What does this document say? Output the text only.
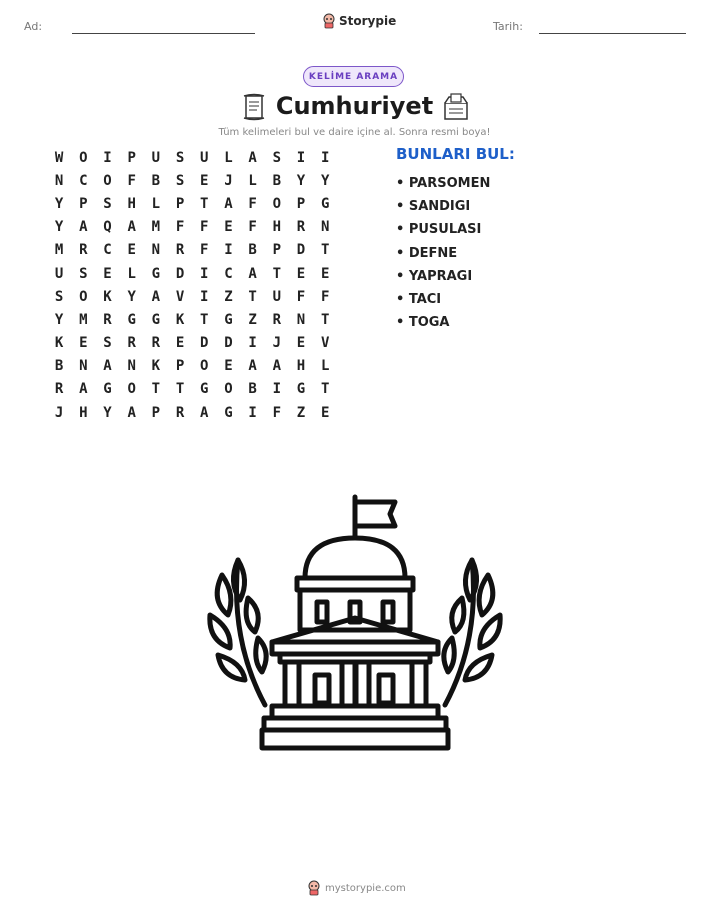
Ad:	Storypie	Tarih:
KELİME ARAMA
Cumhuriyet
Tüm kelimeleri bul ve daire içine al. Sonra resmi boya!
W	O	I	P	U	S	U	L	A	S	I	I
N	C	O	F	B	S	E	J	L	B	Y	Y
Y	P	S	H	L	P	T	A	F	O	P	G
Y	A	Q	A	M	F	F	E	F	H	R	N
M	R	C	E	N	R	F	I	B	P	D	T
U	S	E	L	G	D	I	C	A	T	E	E
S	O	K	Y	A	V	I	Z	T	U	F	F
Y	M	R	G	G	K	T	G	Z	R	N	T
K	E	S	R	R	E	D	D	I	J	E	V
B	N	A	N	K	P	O	E	A	A	H	L
R	A	G	O	T	T	G	O	B	I	G	T
J	H	Y	A	P	R	A	G	I	F	Z	E
BUNLARI BUL:
• PARSOMEN
• SANDIGI
• PUSULASI
• DEFNE
• YAPRAGI
• TACI
• TOGA
mystorypie.com
